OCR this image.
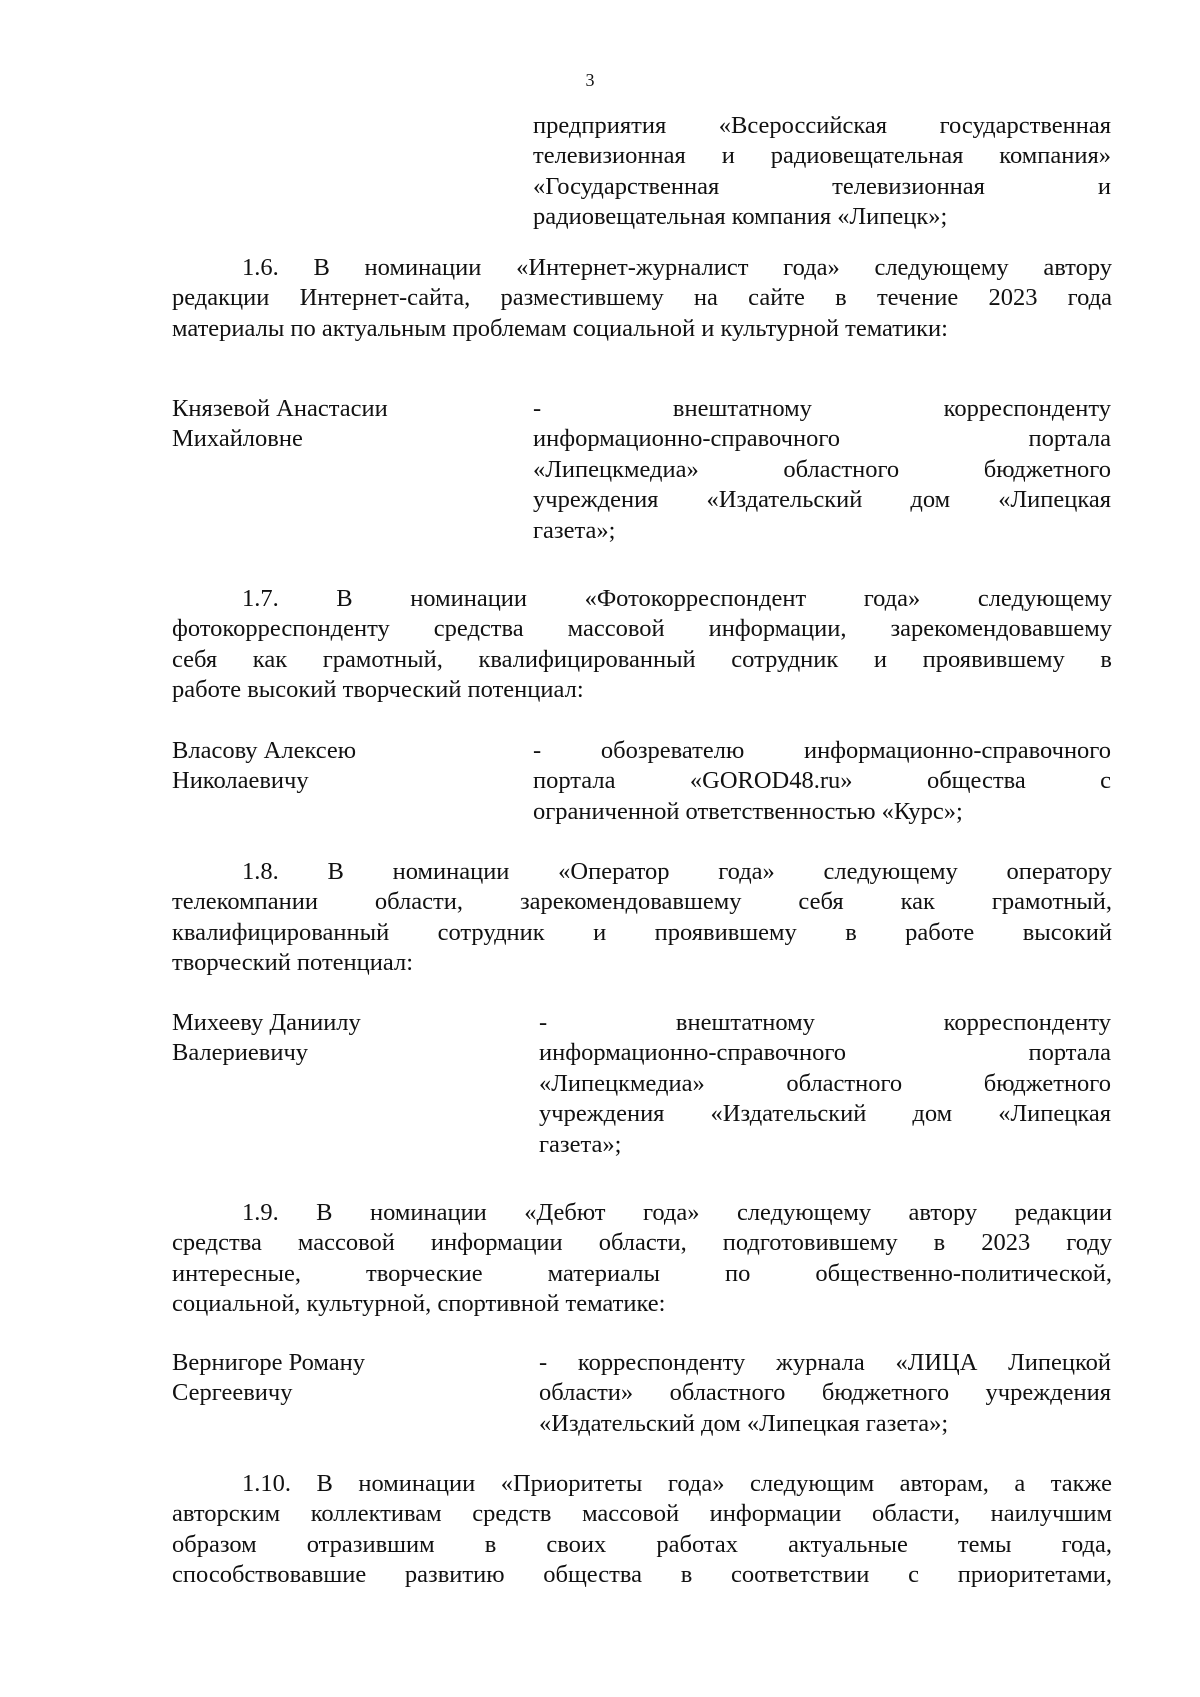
3
предприятия «Всероссийская государственная
телевизионная и радиовещательная компания»
«Государственная телевизионная и
радиовещательная компания «Липецк»;
1.6. В номинации «Интернет-журналист года» следующему автору
редакции Интернет-сайта, разместившему на сайте в течение 2023 года
материалы по актуальным проблемам социальной и культурной тематики:
Князевой Анастасии
Михайловне
- внештатному корреспонденту
информационно-справочного портала
«Липецкмедиа» областного бюджетного
учреждения «Издательский дом «Липецкая
газета»;
1.7. В номинации «Фотокорреспондент года» следующему
фотокорреспонденту средства массовой информации, зарекомендовавшему
себя как грамотный, квалифицированный сотрудник и проявившему в
работе высокий творческий потенциал:
Власову Алексею
Николаевичу
- обозревателю информационно-справочного
портала «GOROD48.ru» общества с
ограниченной ответственностью «Курс»;
1.8. В номинации «Оператор года» следующему оператору
телекомпании области, зарекомендовавшему себя как грамотный,
квалифицированный сотрудник и проявившему в работе высокий
творческий потенциал:
Михееву Даниилу
Валериевичу
- внештатному корреспонденту
информационно-справочного портала
«Липецкмедиа» областного бюджетного
учреждения «Издательский дом «Липецкая
газета»;
1.9. В номинации «Дебют года» следующему автору редакции
средства массовой информации области, подготовившему в 2023 году
интересные, творческие материалы по общественно-политической,
социальной, культурной, спортивной тематике:
Вернигоре Роману
Сергеевичу
- корреспонденту журнала «ЛИЦА Липецкой
области» областного бюджетного учреждения
«Издательский дом «Липецкая газета»;
1.10. В номинации «Приоритеты года» следующим авторам, а также
авторским коллективам средств массовой информации области, наилучшим
образом отразившим в своих работах актуальные темы года,
способствовавшие развитию общества в соответствии с приоритетами,
